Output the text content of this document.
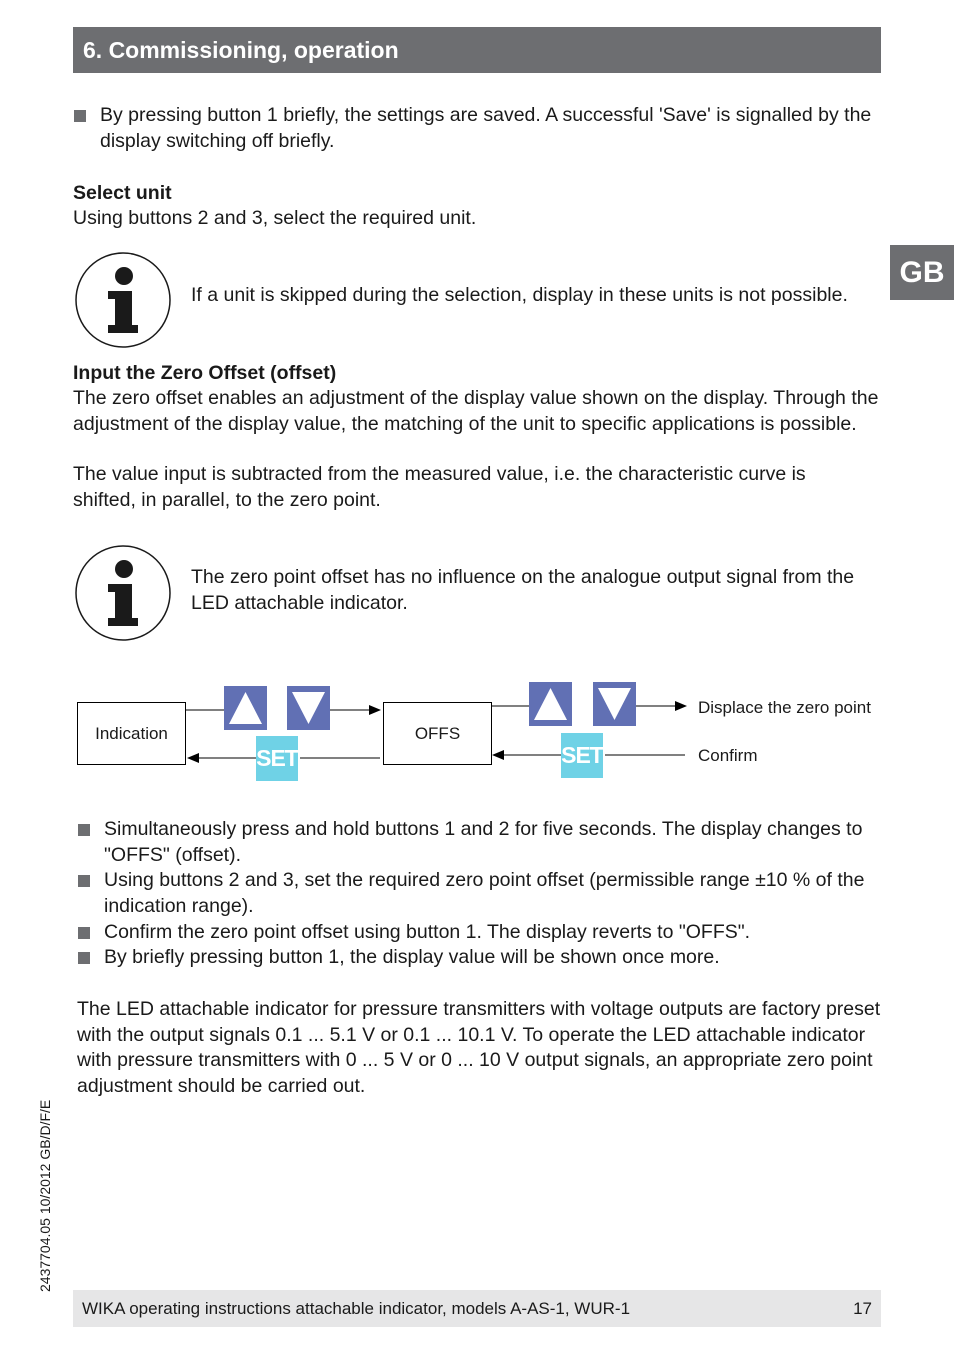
6. Commissioning, operation
GB

By pressing button 1 briefly, the settings are saved. A successful 'Save' is signalled by the display switching off briefly.

Select unit

Using buttons 2 and 3, select the required unit.

If a unit is skipped during the selection, display in these units is not possible.

Input the Zero Offset (offset)

The zero offset enables an adjustment of the display value shown on the display. Through the adjustment of the display value, the matching of the unit to specific applications is possible.

The value input is subtracted from the measured value, i.e. the characteristic curve is shifted, in parallel, to the zero point.

The zero point offset has no influence on the analogue output signal from the LED attachable indicator.

Indication	OFFS
SET	SET
Displace the zero point
Confirm

Simultaneously press and hold buttons 1 and 2 for five seconds. The display changes to "OFFS" (offset).

Using buttons 2 and 3, set the required zero point offset (permissible range ±10 % of the indication range).

Confirm the zero point offset using button 1. The display reverts to "OFFS".

By briefly pressing button 1, the display value will be shown once more.

The LED attachable indicator for pressure transmitters with voltage outputs are factory preset with the output signals 0.1 ... 5.1 V or 0.1 ... 10.1 V. To operate the LED attachable indicator with pressure transmitters with 0 ... 5 V or 0 ... 10 V output signals, an appropriate zero point adjustment should be carried out.

2437704.05 10/2012 GB/D/F/E
WIKA operating instructions attachable indicator, models A-AS-1, WUR-1	17
